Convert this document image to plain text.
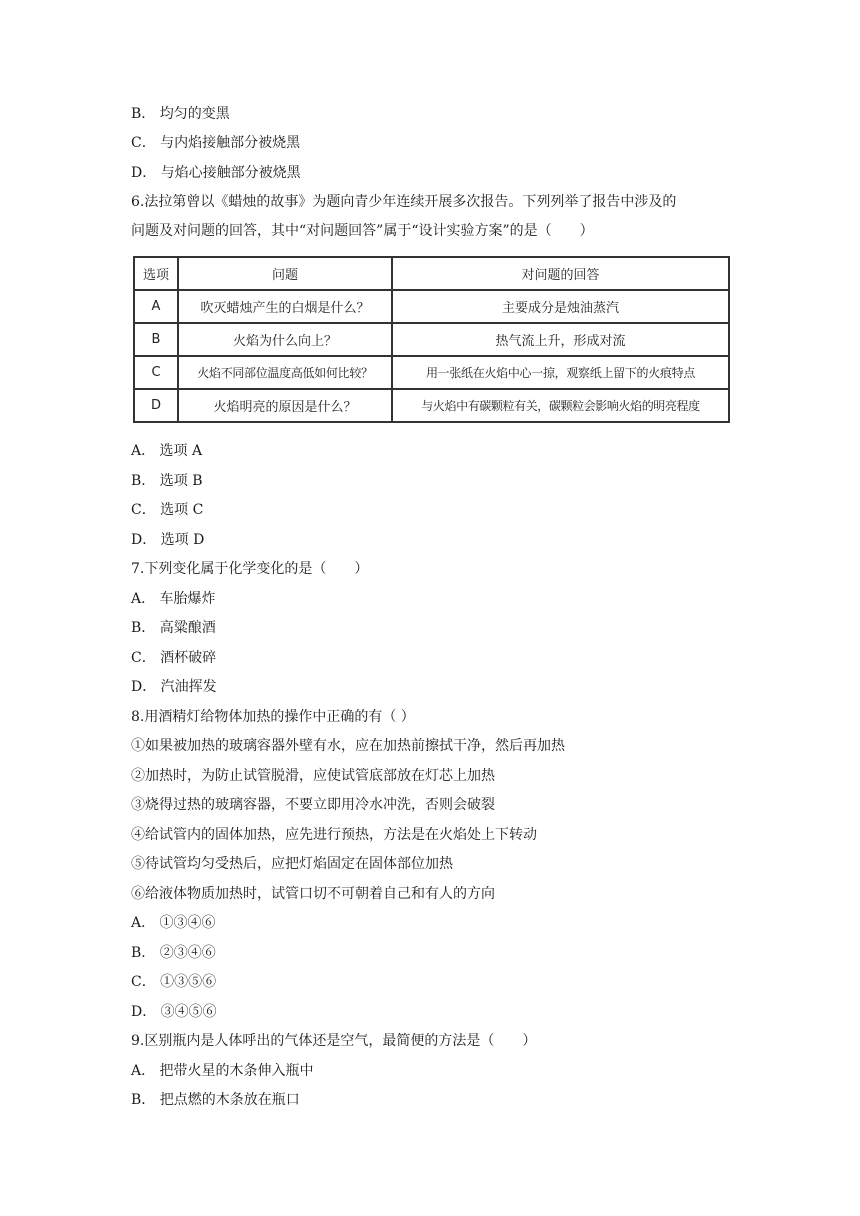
B． 均匀的变黑
C． 与内焰接触部分被烧黑
D． 与焰心接触部分被烧黑
6.法拉第曾以《蜡烛的故事》为题向青少年连续开展多次报告。下列列举了报告中涉及的
问题及对问题的回答，其中“对问题回答”属于“设计实验方案”的是（　　）
选项	问题	对问题的回答
A	吹灭蜡烛产生的白烟是什么？	主要成分是烛油蒸汽
B	火焰为什么向上？	热气流上升，形成对流
C	火焰不同部位温度高低如何比较？	用一张纸在火焰中心一掠，观察纸上留下的火痕特点
D	火焰明亮的原因是什么？	与火焰中有碳颗粒有关，碳颗粒会影响火焰的明亮程度
A． 选项 A
B． 选项 B
C． 选项 C
D． 选项 D
7.下列变化属于化学变化的是（　　）
A． 车胎爆炸
B． 高粱酿酒
C． 酒杯破碎
D． 汽油挥发
8.用酒精灯给物体加热的操作中正确的有（ ）
①如果被加热的玻璃容器外壁有水，应在加热前擦拭干净，然后再加热
②加热时，为防止试管脱滑，应使试管底部放在灯芯上加热
③烧得过热的玻璃容器，不要立即用冷水冲洗，否则会破裂
④给试管内的固体加热，应先进行预热，方法是在火焰处上下转动
⑤待试管均匀受热后，应把灯焰固定在固体部位加热
⑥给液体物质加热时，试管口切不可朝着自己和有人的方向
A． ①③④⑥
B． ②③④⑥
C． ①③⑤⑥
D． ③④⑤⑥
9.区别瓶内是人体呼出的气体还是空气，最简便的方法是（　　）
A． 把带火星的木条伸入瓶中
B． 把点燃的木条放在瓶口
